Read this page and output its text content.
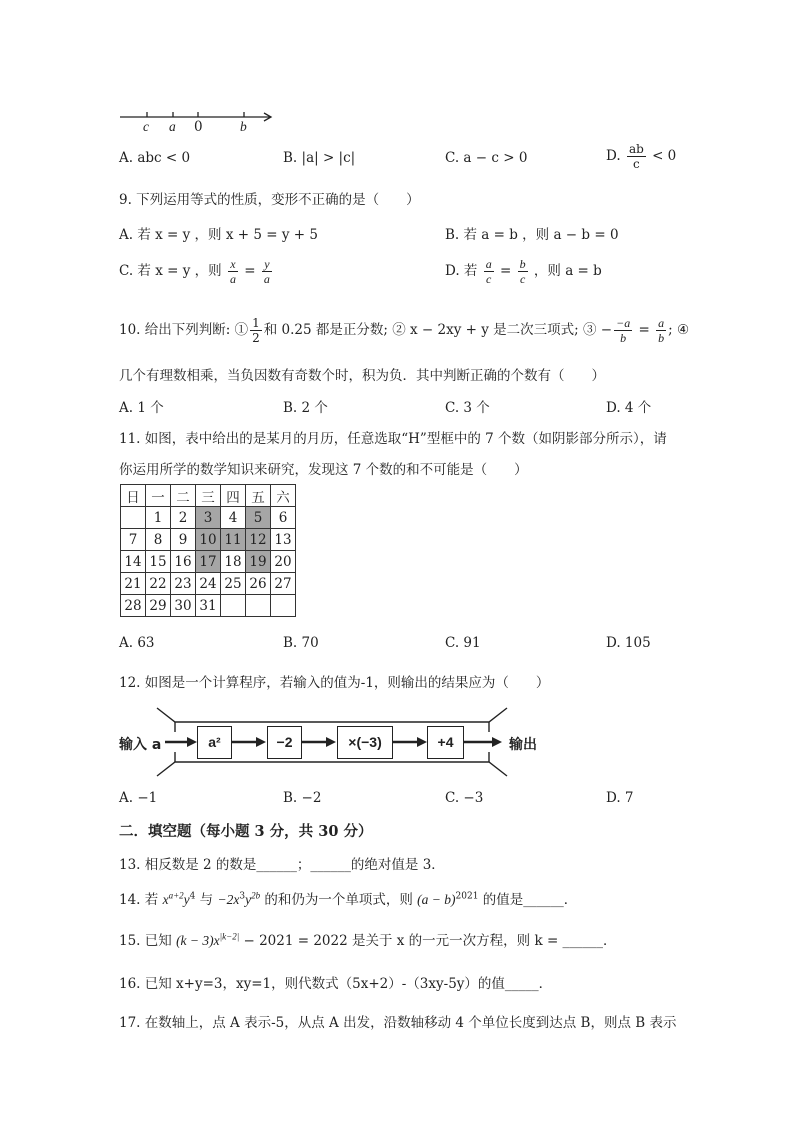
c a 0	b
A. abc < 0	B. |a| > |c|	C. a − c > 0	D. $\frac{ab}{c} < 0$
9. 下列运用等式的性质，变形不正确的是（　　）
A. 若 x = y ，则 x + 5 = y + 5	B. 若 a = b ，则 a − b = 0
C. 若 x = y ，则 $\frac{x}{a} = \frac{y}{a}$	D. 若 $\frac{a}{c} = \frac{b}{c}$ ，则 a = b
10. 给出下列判断: ① $\frac{1}{2}$ 和 0.25 都是正分数; ② x − 2xy + y 是二次三项式; ③ − $\frac{-a}{b} = \frac{a}{b}$ ; ④
几个有理数相乘，当负因数有奇数个时，积为负．其中判断正确的个数有（　　）
A. 1 个	B. 2 个	C. 3 个	D. 4 个
11. 如图，表中给出的是某月的月历，任意选取“H”型框中的 7 个数（如阴影部分所示），请
你运用所学的数学知识来研究，发现这 7 个数的和不可能是（　　）
日	一	二	三	四	五	六
	1	2	3	4	5	6
7	8	9	10	11	12	13
14	15	16	17	18	19	20
21	22	23	24	25	26	27
28	29	30	31			
A. 63	B. 70	C. 91	D. 105
12. 如图是一个计算程序，若输入的值为-1，则输出的结果应为（　　）
输入 a	a²	−2	×(−3)	+4	输出
A. −1	B. −2	C. −3	D. 7
二．填空题（每小题 3 分，共 30 分）
13. 相反数是 2 的数是______；______的绝对值是 3．
14. 若 $x^{a+2}y^4$ 与 $-2x^3y^{2b}$ 的和仍为一个单项式，则 $(a - b)^{2021}$ 的值是______．
15. 已知 $(k - 3)x^{|k-2|} - 2021 = 2022$ 是关于 x 的一元一次方程，则 k = ______．
16. 已知 x+y=3，xy=1，则代数式（5x+2）-（3xy-5y）的值_____．
17. 在数轴上，点 A 表示-5，从点 A 出发，沿数轴移动 4 个单位长度到达点 B，则点 B 表示
